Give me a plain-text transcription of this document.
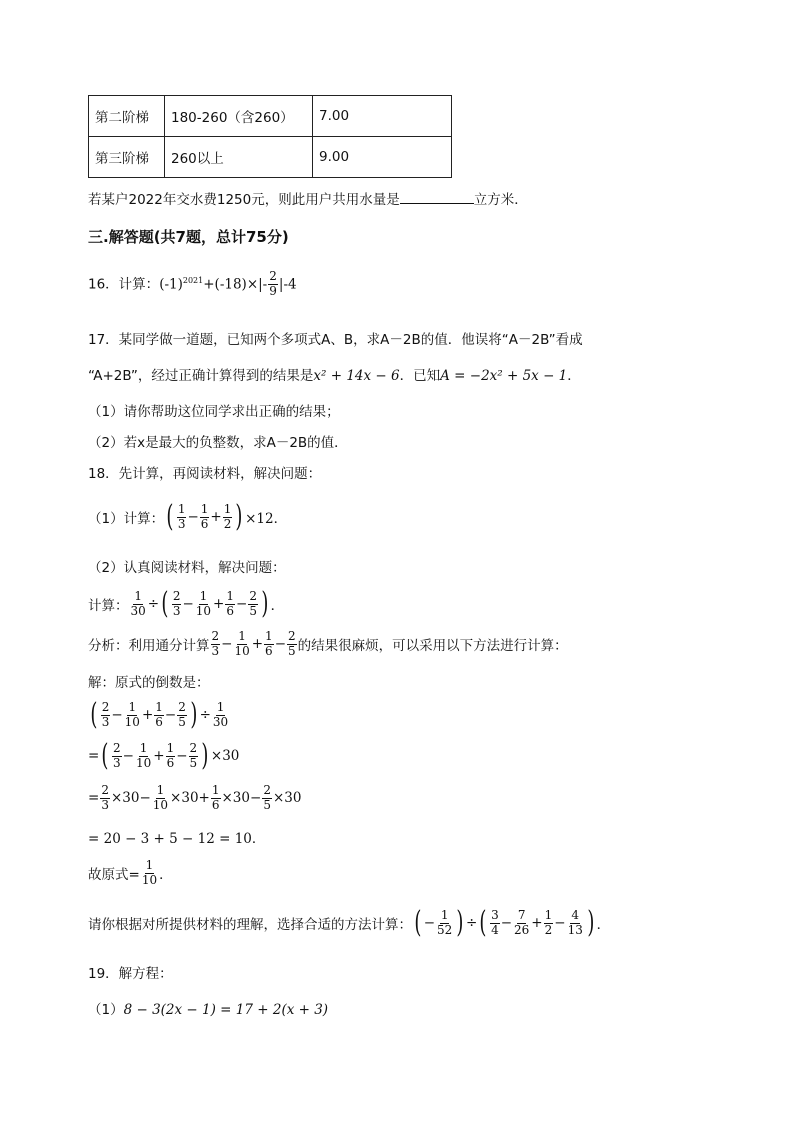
第二阶梯	180-260（含260）	7.00
第三阶梯	260以上	9.00
若某户2022年交水费1250元，则此用户共用水量是	立方米．
三.解答题(共7题，总计75分)
16．计算：$(-1)^{2021}+(-18)\times|- \frac{2}{9} |-4$
17．某同学做一道题，已知两个多项式A、B，求A－2B的值．他误将“A－2B”看成
“A+2B”，经过正确计算得到的结果是x² + 14x − 6．已知A = −2x² + 5x − 1．
（1）请你帮助这位同学求出正确的结果；
（2）若x是最大的负整数，求A－2B的值．
18．先计算，再阅读材料，解决问题：
（1）计算： ( $\frac{1}{3} - \frac{1}{6} + \frac{1}{2}$ ) ×12．
（2）认真阅读材料，解决问题：
计算： $\frac{1}{30}$ ÷ ( $\frac{2}{3} - \frac{1}{10} + \frac{1}{6} - \frac{2}{5}$ ) ．
分析：利用通分计算 $\frac{2}{3} - \frac{1}{10} + \frac{1}{6} - \frac{2}{5}$ 的结果很麻烦，可以采用以下方法进行计算：
解：原式的倒数是：
( $\frac{2}{3} - \frac{1}{10} + \frac{1}{6} - \frac{2}{5}$ ) ÷ $\frac{1}{30}$
= ( $\frac{2}{3} - \frac{1}{10} + \frac{1}{6} - \frac{2}{5}$ ) ×30
= $\frac{2}{3} \times 30- \frac{1}{10} \times 30+ \frac{1}{6} \times 30- \frac{2}{5} \times 30$
= 20 − 3 + 5 − 12 = 10．
故原式= $\frac{1}{10}$ ．
请你根据对所提供材料的理解，选择合适的方法计算： ( − $\frac{1}{52}$ ) ÷ ( $\frac{3}{4} - \frac{7}{26} + \frac{1}{2} - \frac{4}{13}$ ) ．
19．解方程：
（1）8 − 3(2x − 1) = 17 + 2(x + 3)
